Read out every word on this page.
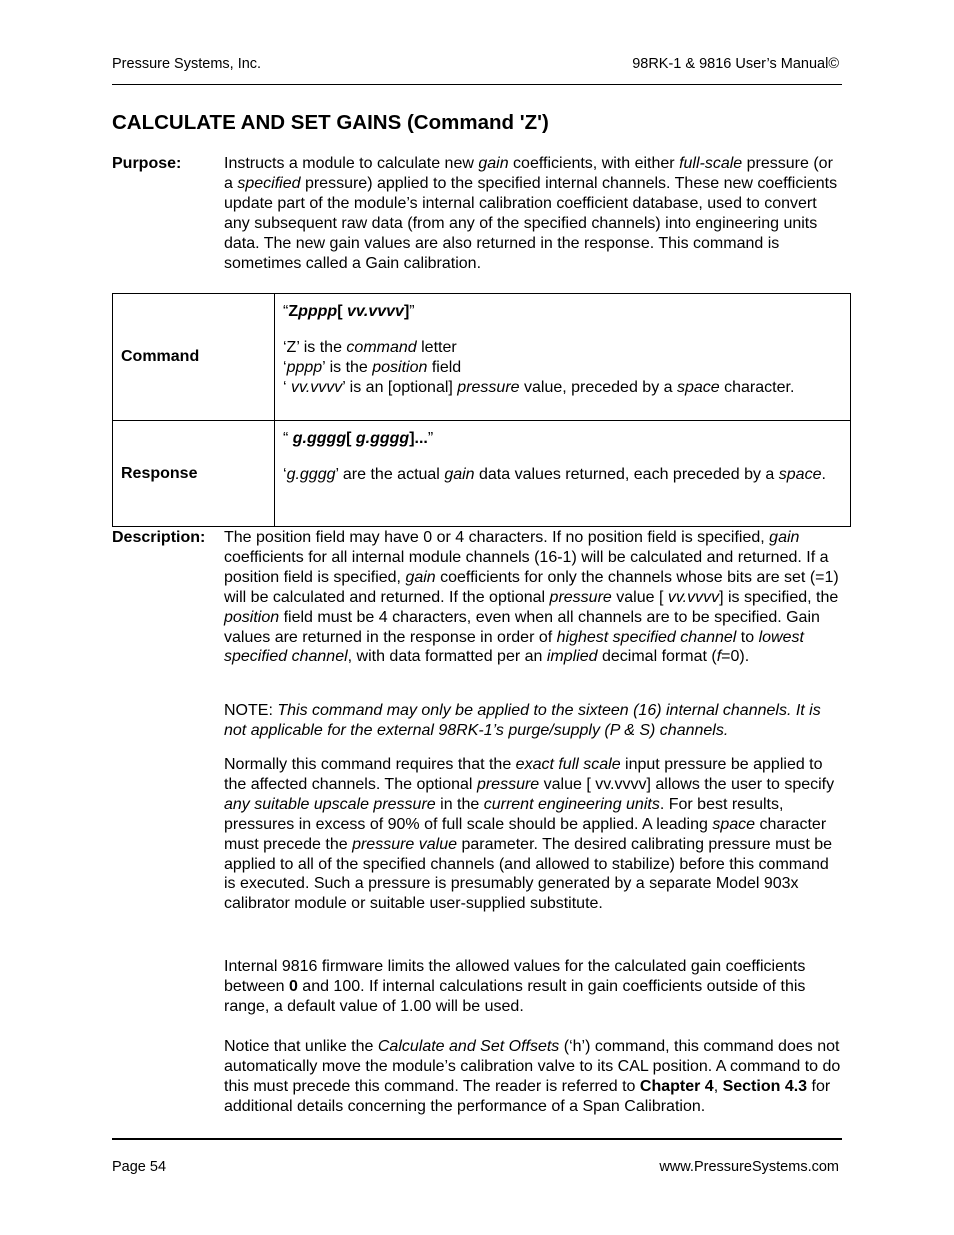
Pressure Systems, Inc.	98RK-1 & 9816 User’s Manual©
CALCULATE AND SET GAINS (Command 'Z')
Purpose:	Instructs a module to calculate new gain coefficients, with either full-scale pressure (or a specified pressure) applied to the specified internal channels. These new coefficients update part of the module’s internal calibration coefficient database, used to convert any subsequent raw data (from any of the specified channels) into engineering units data. The new gain values are also returned in the response. This command is sometimes called a Gain calibration.

Command	“Zpppp[ vv.vvvv]”

‘Z’ is the command letter

‘pppp’ is the position field

‘ vv.vvvv’ is an [optional] pressure value, preceded by a space character.

Response	“ g.gggg[ g.gggg]...”

‘g.gggg’ are the actual gain data values returned, each preceded by a space.

Description: The position field may have 0 or 4 characters. If no position field is specified, gain coefficients for all internal module channels (16-1) will be calculated and returned. If a position field is specified, gain coefficients for only the channels whose bits are set (=1) will be calculated and returned. If the optional pressure value [ vv.vvvv] is specified, the position field must be 4 characters, even when all channels are to be specified. Gain values are returned in the response in order of highest specified channel to lowest specified channel, with data formatted per an implied decimal format (f=0).

NOTE: This command may only be applied to the sixteen (16) internal channels. It is not applicable for the external 98RK-1’s purge/supply (P & S) channels.

Normally this command requires that the exact full scale input pressure be applied to the affected channels. The optional pressure value [ vv.vvvv] allows the user to specify any suitable upscale pressure in the current engineering units. For best results, pressures in excess of 90% of full scale should be applied. A leading space character must precede the pressure value parameter. The desired calibrating pressure must be applied to all of the specified channels (and allowed to stabilize) before this command is executed. Such a pressure is presumably generated by a separate Model 903x calibrator module or suitable user-supplied substitute.

Internal 9816 firmware limits the allowed values for the calculated gain coefficients between 0 and 100. If internal calculations result in gain coefficients outside of this range, a default value of 1.00 will be used.

Notice that unlike the Calculate and Set Offsets (‘h’) command, this command does not automatically move the module’s calibration valve to its CAL position. A command to do this must precede this command. The reader is referred to Chapter 4, Section 4.3 for additional details concerning the performance of a Span Calibration.

Page 54	www.PressureSystems.com
